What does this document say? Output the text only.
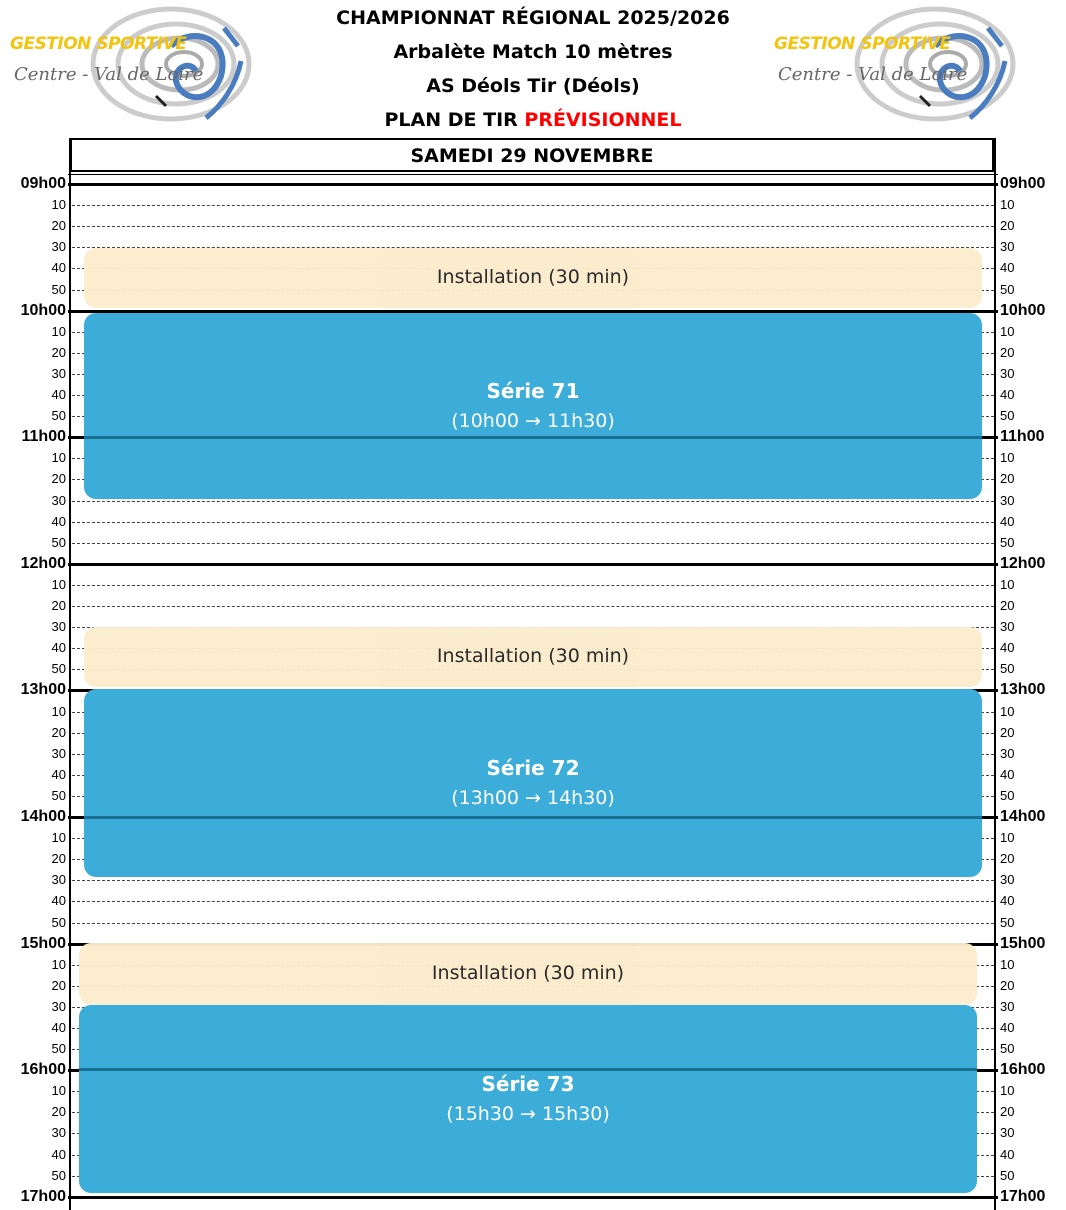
GESTION SPORTIVE
Centre - Val de Loire
GESTION SPORTIVE
Centre - Val de Loire
CHAMPIONNAT RÉGIONAL 2025/2026
Arbalète Match 10 mètres
AS Déols Tir (Déols)
PLAN DE TIR PRÉVISIONNEL
SAMEDI 29 NOVEMBRE
09h00	09h00
10	10
20	20
30	30
40	40
50	50
10h00	10h00
10	10
20	20
30	30
40	40
50	50
11h00	11h00
10	10
20	20
30	30
40	40
50	50
12h00	12h00
10	10
20	20
30	30
40	40
50	50
13h00	13h00
10	10
20	20
30	30
40	40
50	50
14h00	14h00
10	10
20	20
30	30
40	40
50	50
15h00	15h00
10	10
20	20
30	30
40	40
50	50
16h00	16h00
10	10
20	20
30	30
40	40
50	50
17h00	17h00
Installation (30 min)
Série 71
(10h00 → 11h30)
Installation (30 min)
Série 72
(13h00 → 14h30)
Installation (30 min)
Série 73
(15h30 → 15h30)
